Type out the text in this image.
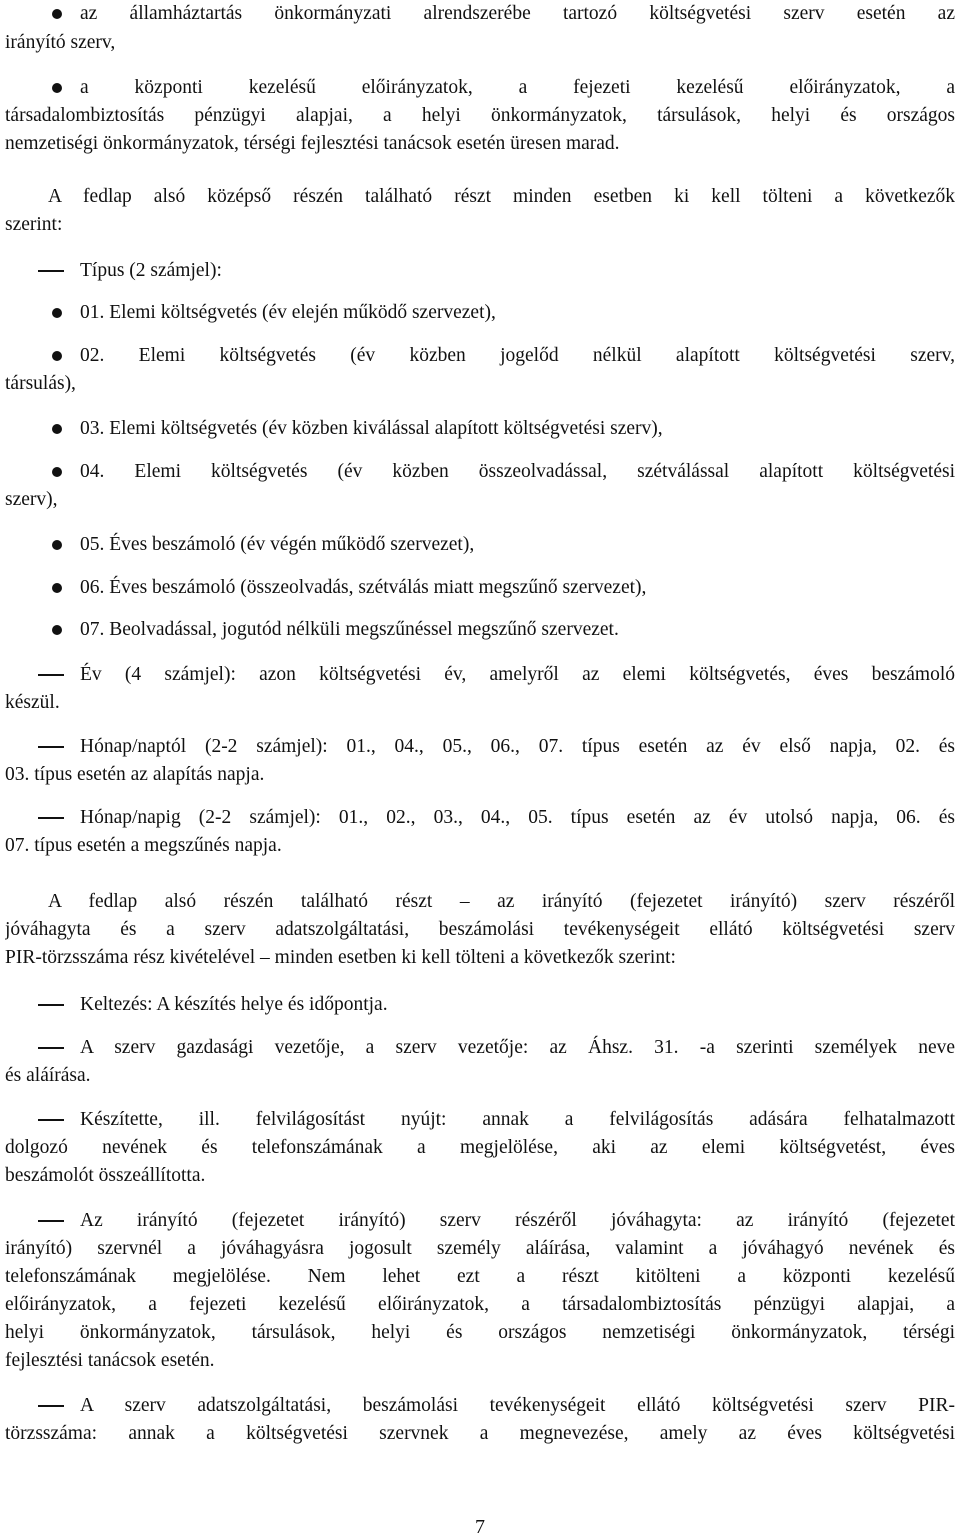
az államháztartás önkormányzati alrendszerébe tartozó költségvetési szerv esetén az
irányító szerv,
a központi kezelésű előirányzatok, a fejezeti kezelésű előirányzatok, a
társadalombiztosítás pénzügyi alapjai, a helyi önkormányzatok, társulások, helyi és országos
nemzetiségi önkormányzatok, térségi fejlesztési tanácsok esetén üresen marad.
A fedlap alsó középső részén található részt minden esetben ki kell tölteni a következők
szerint:
Típus (2 számjel):
01. Elemi költségvetés (év elején működő szervezet),
02. Elemi költségvetés (év közben jogelőd nélkül alapított költségvetési szerv,
társulás),
03. Elemi költségvetés (év közben kiválással alapított költségvetési szerv),
04. Elemi költségvetés (év közben összeolvadással, szétválással alapított költségvetési
szerv),
05. Éves beszámoló (év végén működő szervezet),
06. Éves beszámoló (összeolvadás, szétválás miatt megszűnő szervezet),
07. Beolvadással, jogutód nélküli megszűnéssel megszűnő szervezet.
Év (4 számjel): azon költségvetési év, amelyről az elemi költségvetés, éves beszámoló
készül.
Hónap/naptól (2-2 számjel): 01., 04., 05., 06., 07. típus esetén az év első napja, 02. és
03. típus esetén az alapítás napja.
Hónap/napig (2-2 számjel): 01., 02., 03., 04., 05. típus esetén az év utolsó napja, 06. és
07. típus esetén a megszűnés napja.
A fedlap alsó részén található részt – az irányító (fejezetet irányító) szerv részéről
jóváhagyta és a szerv adatszolgáltatási, beszámolási tevékenységeit ellátó költségvetési szerv
PIR-törzsszáma rész kivételével – minden esetben ki kell tölteni a következők szerint:
Keltezés: A készítés helye és időpontja.
A szerv gazdasági vezetője, a szerv vezetője: az Áhsz. 31. -a szerinti személyek neve
és aláírása.
Készítette, ill. felvilágosítást nyújt: annak a felvilágosítás adására felhatalmazott
dolgozó nevének és telefonszámának a megjelölése, aki az elemi költségvetést, éves
beszámolót összeállította.
Az irányító (fejezetet irányító) szerv részéről jóváhagyta: az irányító (fejezetet
irányító) szervnél a jóváhagyásra jogosult személy aláírása, valamint a jóváhagyó nevének és
telefonszámának megjelölése. Nem lehet ezt a részt kitölteni a központi kezelésű
előirányzatok, a fejezeti kezelésű előirányzatok, a társadalombiztosítás pénzügyi alapjai, a
helyi önkormányzatok, társulások, helyi és országos nemzetiségi önkormányzatok, térségi
fejlesztési tanácsok esetén.
A szerv adatszolgáltatási, beszámolási tevékenységeit ellátó költségvetési szerv PIR-
törzsszáma: annak a költségvetési szervnek a megnevezése, amely az éves költségvetési
7
